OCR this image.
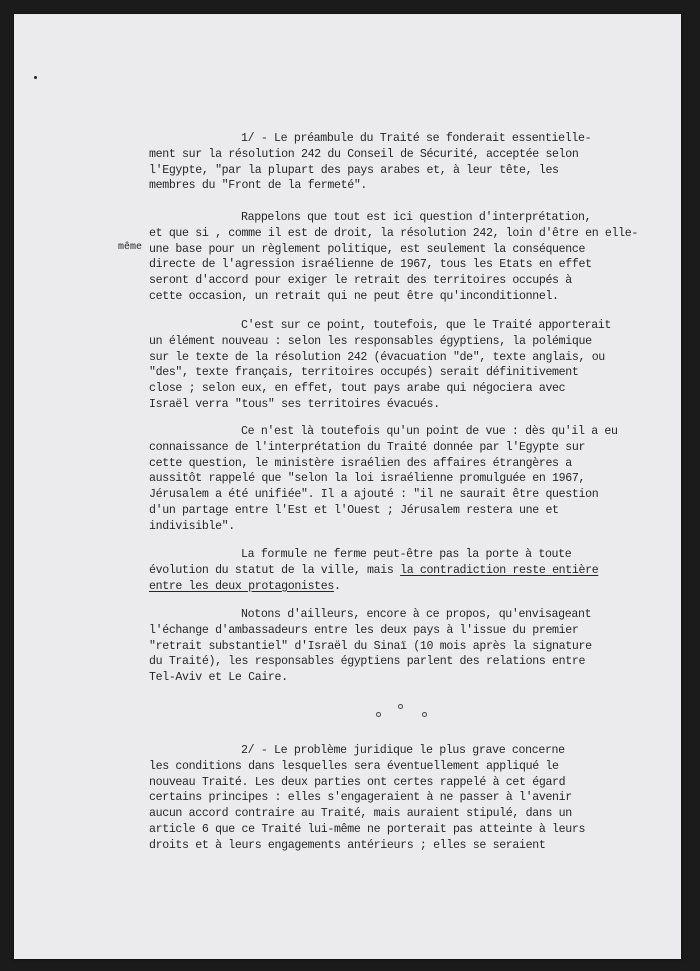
même
1/ - Le préambule du Traité se fonderait essentielle-
ment sur la résolution 242 du Conseil de Sécurité, acceptée selon
l'Egypte, "par la plupart des pays arabes et, à leur tête, les
membres du "Front de la fermeté".
Rappelons que tout est ici question d'interprétation,
et que si , comme il est de droit, la résolution 242, loin d'être en elle-
une base pour un règlement politique, est seulement la conséquence
directe de l'agression israélienne de 1967, tous les Etats en effet
seront d'accord pour exiger le retrait des territoires occupés à
cette occasion, un retrait qui ne peut être qu'inconditionnel.
C'est sur ce point, toutefois, que le Traité apporterait
un élément nouveau : selon les responsables égyptiens, la polémique
sur le texte de la résolution 242 (évacuation "de", texte anglais, ou
"des", texte français, territoires occupés) serait définitivement
close ; selon eux, en effet, tout pays arabe qui négociera avec
Israël verra "tous" ses territoires évacués.
Ce n'est là toutefois qu'un point de vue : dès qu'il a eu
connaissance de l'interprétation du Traité donnée par l'Egypte sur
cette question, le ministère israélien des affaires étrangères a
aussitôt rappelé que "selon la loi israélienne promulguée en 1967,
Jérusalem a été unifiée". Il a ajouté : "il ne saurait être question
d'un partage entre l'Est et l'Ouest ; Jérusalem restera une et
indivisible".
La formule ne ferme peut-être pas la porte à toute
évolution du statut de la ville, mais la contradiction reste entière
entre les deux protagonistes.
Notons d'ailleurs, encore à ce propos, qu'envisageant
l'échange d'ambassadeurs entre les deux pays à l'issue du premier
"retrait substantiel" d'Israël du Sinaï (10 mois après la signature
du Traité), les responsables égyptiens parlent des relations entre
Tel-Aviv et Le Caire.
2/ - Le problème juridique le plus grave concerne
les conditions dans lesquelles sera éventuellement appliqué le
nouveau Traité. Les deux parties ont certes rappelé à cet égard
certains principes : elles s'engageraient à ne passer à l'avenir
aucun accord contraire au Traité, mais auraient stipulé, dans un
article 6 que ce Traité lui-même ne porterait pas atteinte à leurs
droits et à leurs engagements antérieurs ; elles se seraient
